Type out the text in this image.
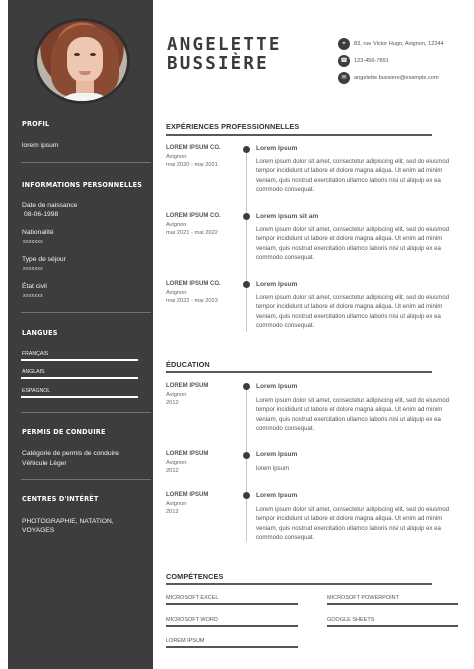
PROFIL
lorem ipsum
INFORMATIONS PERSONNELLES
Date de naissance
08-06-1998
Nationalité
xxxxxxx
Type de séjour
xxxxxxx
État civil
xxxxxxx
LANGUES
FRANÇAIS
ANGLAIS
ESPAGNOL
PERMIS DE CONDUIRE
Catégorie de permis de conduire
Véhicule Léger
CENTRES D'INTÉRÊT
PHOTOGRAPHIE, NATATION,
VOYAGES
ANGELETTE
BUSSIÈRE
⌖	83, rue Victor Hugo, Avignon, 12344
☎	123-456-7891
✉	angelette.bussiere@example.com
EXPÉRIENCES PROFESSIONNELLES
LOREM IPSUM CO.
Avignon
mai 2020 - mai 2021
Lorem Ipsum
Lorem ipsum dolor sit amet, consectetur adipiscing elit, sed do eiusmod tempor incididunt ut labore et dolore magna aliqua. Ut enim ad minim veniam, quis nostrud exercitation ullamco laboris nisi ut aliquip ex ea commodo consequat.
LOREM IPSUM CO.
Avignon
mai 2021 - mai 2022
Lorem ipsum sit am
Lorem ipsum dolor sit amet, consectetur adipiscing elit, sed do eiusmod tempor incididunt ut labore et dolore magna aliqua. Ut enim ad minim veniam, quis nostrud exercitation ullamco laboris nisi ut aliquip ex ea commodo consequat.
LOREM IPSUM CO.
Avignon
mai 2022 - mai 2023
Lorem Ipsum
Lorem ipsum dolor sit amet, consectetur adipiscing elit, sed do eiusmod tempor incididunt ut labore et dolore magna aliqua. Ut enim ad minim veniam, quis nostrud exercitation ullamco laboris nisi ut aliquip ex ea commodo consequat.
ÉDUCATION
LOREM IPSUM
Avignon
2012
Lorem Ipsum
Lorem ipsum dolor sit amet, consectetur adipiscing elit, sed do eiusmod tempor incididunt ut labore et dolore magna aliqua. Ut enim ad minim veniam, quis nostrud exercitation ullamco laboris nisi ut aliquip ex ea commodo consequat.
LOREM IPSUM
Avignon
2012
Lorem Ipsum
lorem ipsum
LOREM IPSUM
Avignon
2012
Lorem Ipsum
Lorem ipsum dolor sit amet, consectetur adipiscing elit, sed do eiusmod tempor incididunt ut labore et dolore magna aliqua. Ut enim ad minim veniam, quis nostrud exercitation ullamco laboris nisi ut aliquip ex ea commodo consequat.
COMPÉTENCES
MICROSOFT EXCEL	MICROSOFT POWERPOINT
MICROSOFT WORD	GOOGLE SHEETS
LOREM IPSUM
